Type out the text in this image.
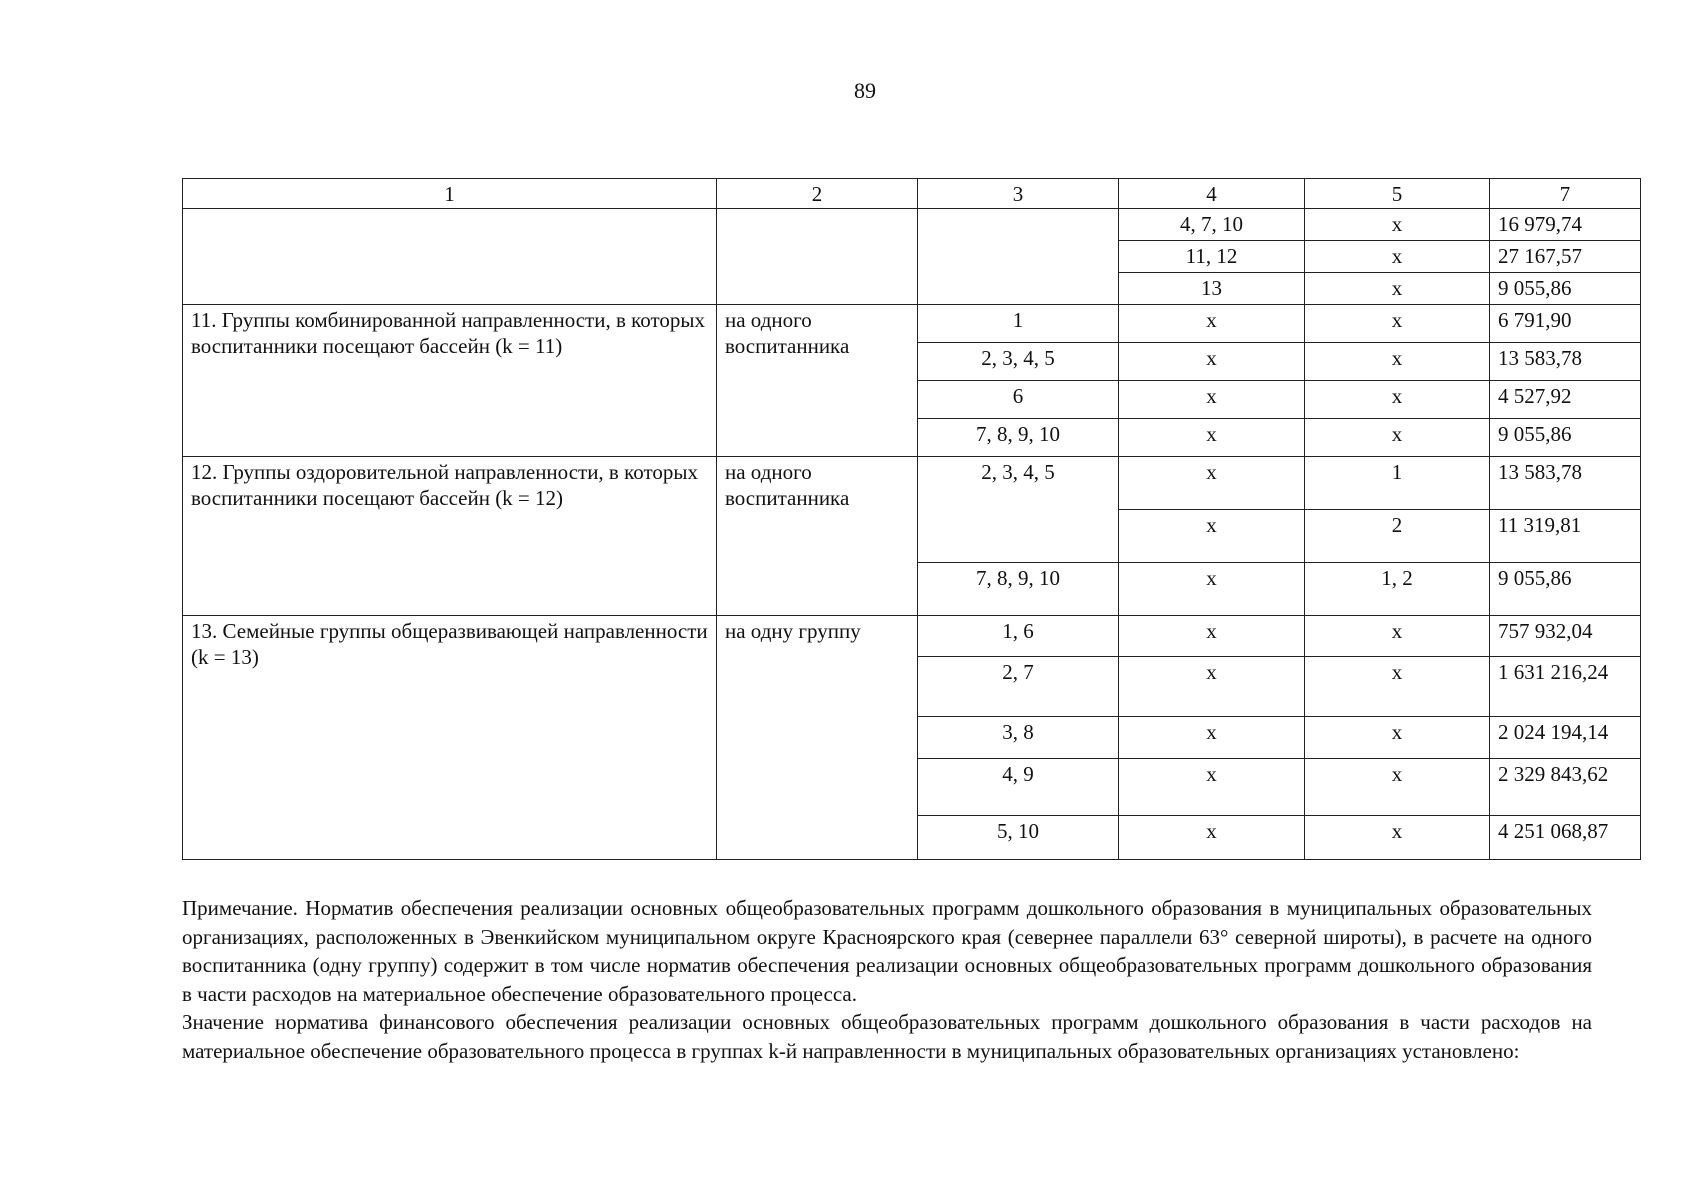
89
1	2	3	4	5	7
			4, 7, 10	х	16 979,74
			11, 12	х	27 167,57
			13	х	9 055,86
11. Группы комбинированной направленности, в которых воспитанники посещают бассейн (k = 11)	на одного воспитанника	1	х	х	6 791,90
		2, 3, 4, 5	х	х	13 583,78
		6	х	х	4 527,92
		7, 8, 9, 10	х	х	9 055,86
12. Группы оздоровительной направленности, в которых воспитанники посещают бассейн (k = 12)	на одного воспитанника	2, 3, 4, 5	х	1	13 583,78
			х	2	11 319,81
		7, 8, 9, 10	х	1, 2	9 055,86
13. Семейные группы общеразвивающей направленности (k = 13)	на одну группу	1, 6	х	х	757 932,04
		2, 7	х	х	1 631 216,24
		3, 8	х	х	2 024 194,14
		4, 9	х	х	2 329 843,62
		5, 10	х	х	4 251 068,87

Примечание. Норматив обеспечения реализации основных общеобразовательных программ дошкольного образования в муниципальных образовательных организациях, расположенных в Эвенкийском муниципальном округе Красноярского края (севернее параллели 63° северной широты), в расчете на одного воспитанника (одну группу) содержит в том числе норматив обеспечения реализации основных общеобразовательных программ дошкольного образования в части расходов на материальное обеспечение образовательного процесса.

Значение норматива финансового обеспечения реализации основных общеобразовательных программ дошкольного образования в части расходов на материальное обеспечение образовательного процесса в группах k-й направленности в муниципальных образовательных организациях установлено:
